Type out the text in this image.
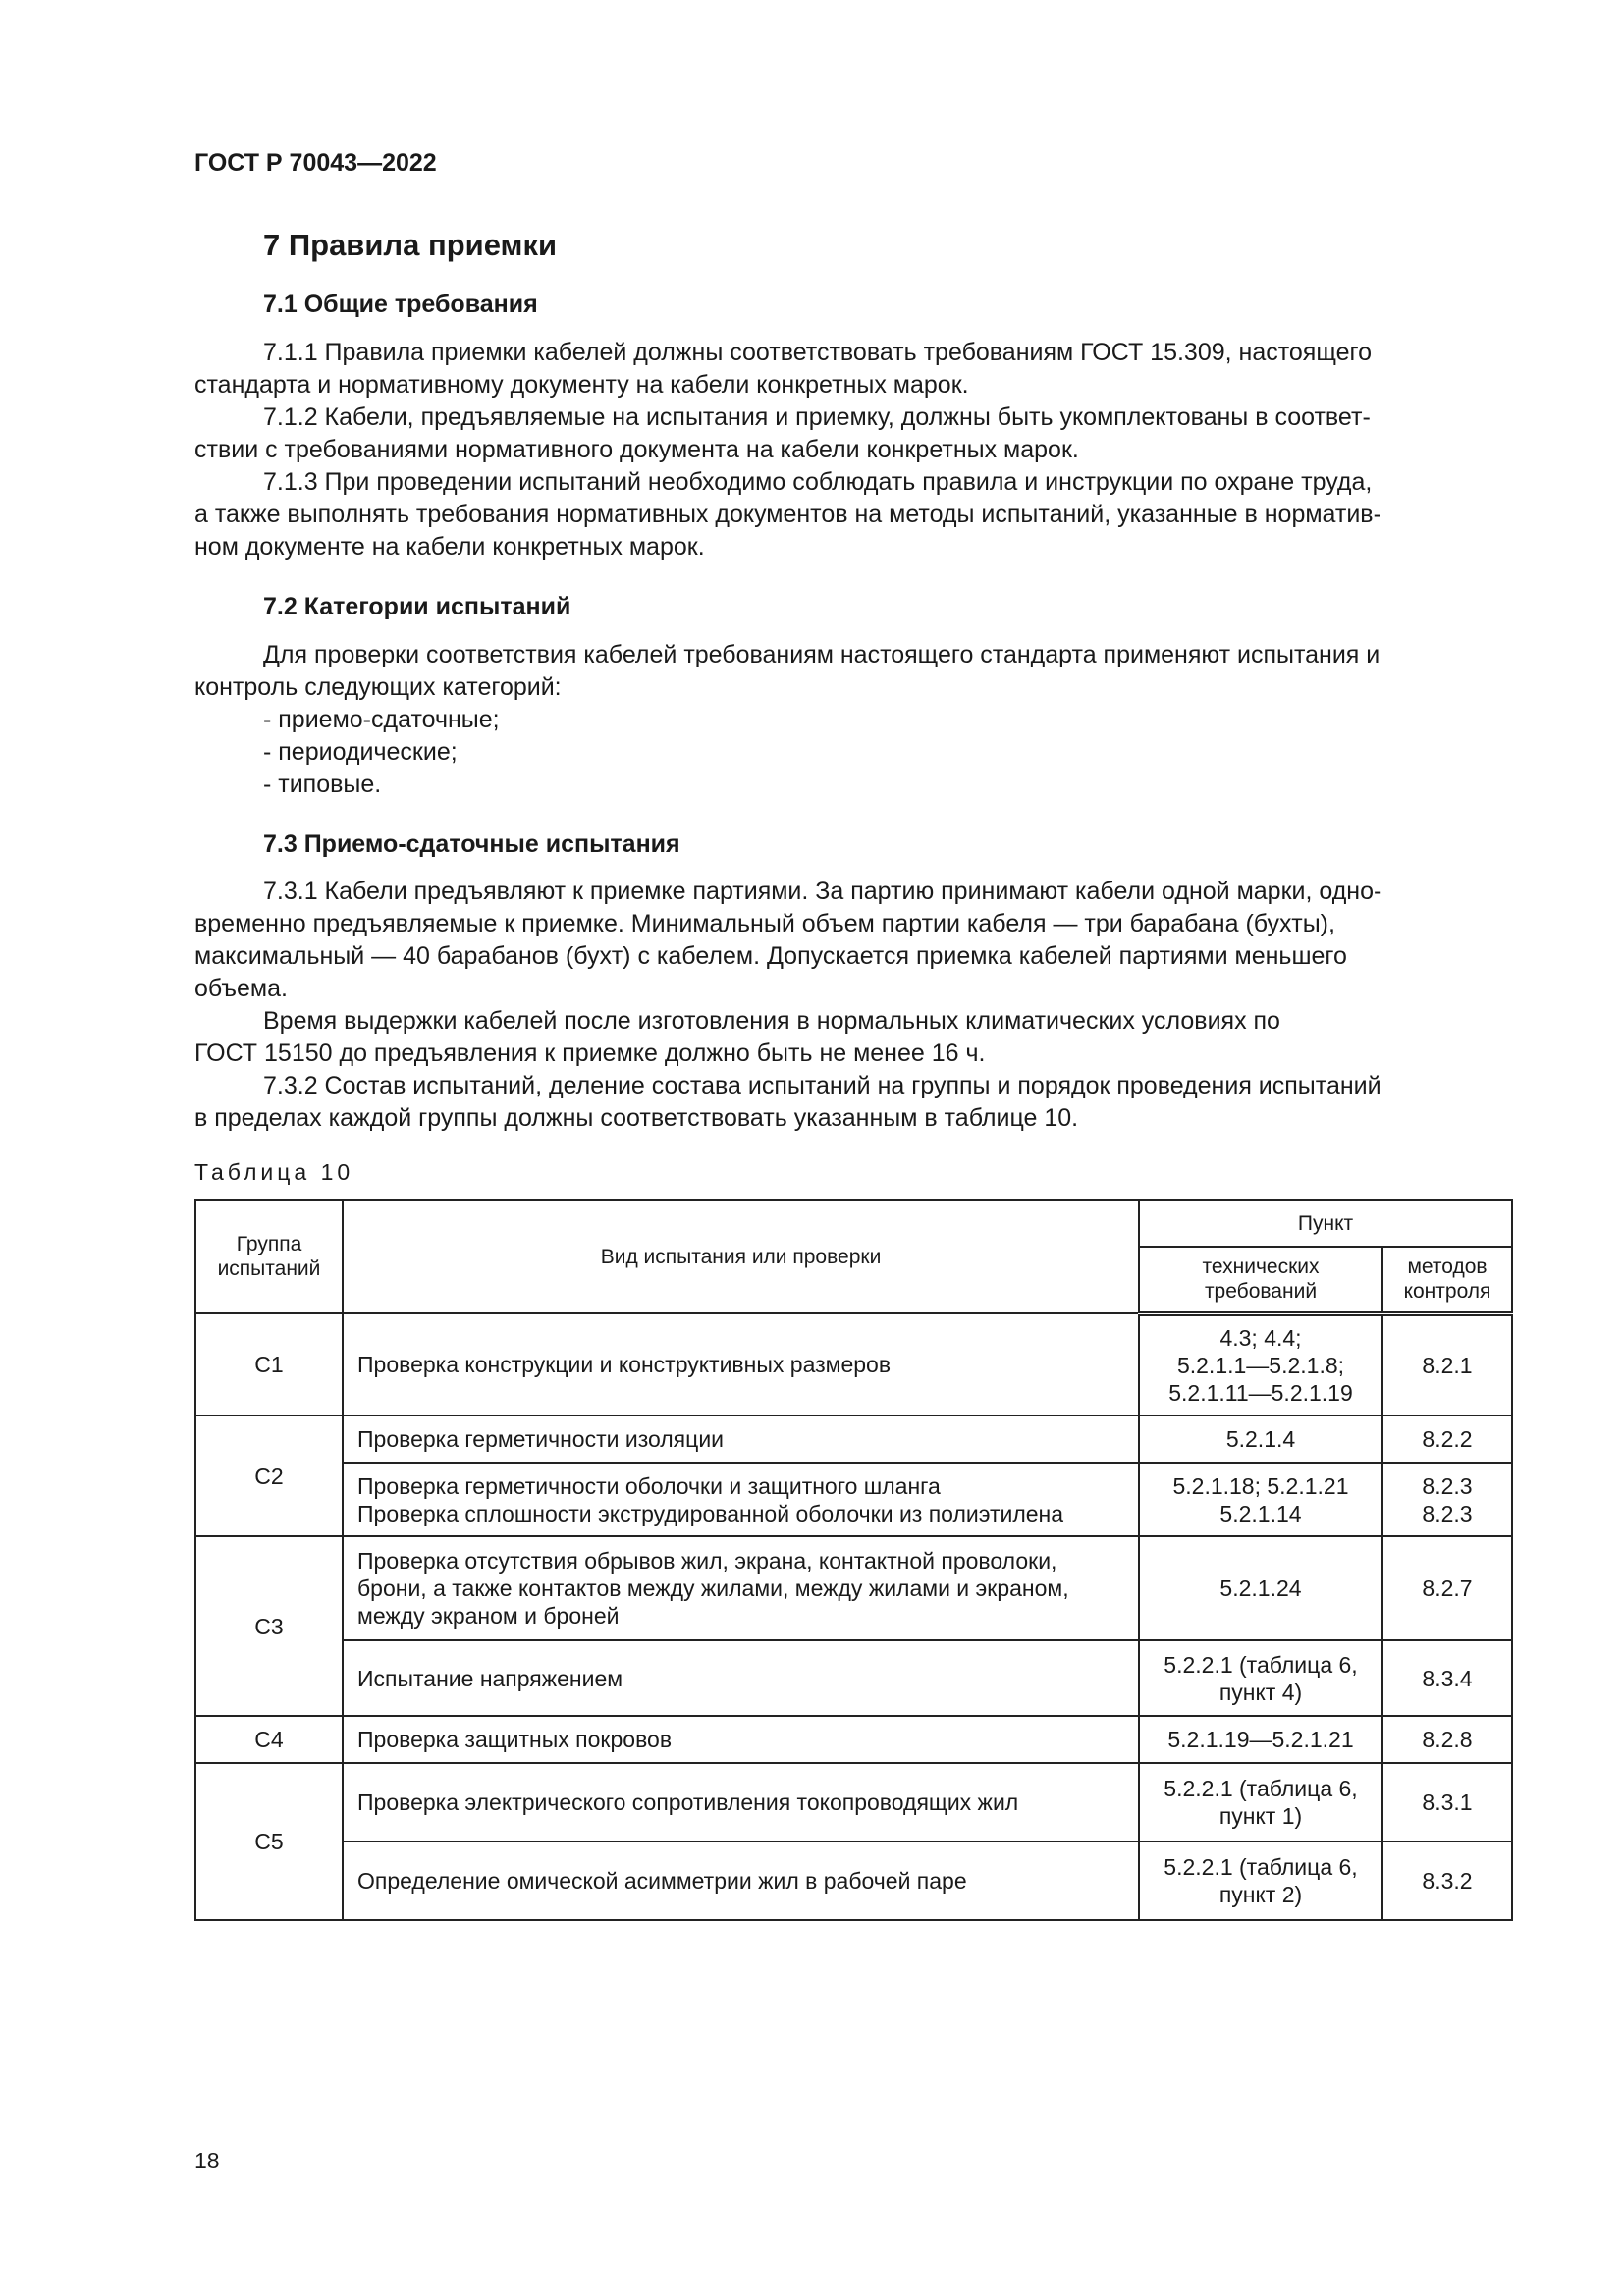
ГОСТ Р 70043—2022
7 Правила приемки
7.1 Общие требования
7.1.1 Правила приемки кабелей должны соответствовать требованиям ГОСТ 15.309, настоящего
стандарта и нормативному документу на кабели конкретных марок.
7.1.2 Кабели, предъявляемые на испытания и приемку, должны быть укомплектованы в соответ-
ствии с требованиями нормативного документа на кабели конкретных марок.
7.1.3 При проведении испытаний необходимо соблюдать правила и инструкции по охране труда,
а также выполнять требования нормативных документов на методы испытаний, указанные в норматив-
ном документе на кабели конкретных марок.
7.2 Категории испытаний
Для проверки соответствия кабелей требованиям настоящего стандарта применяют испытания и
контроль следующих категорий:
- приемо-сдаточные;
- периодические;
- типовые.
7.3 Приемо-сдаточные испытания
7.3.1 Кабели предъявляют к приемке партиями. За партию принимают кабели одной марки, одно-
временно предъявляемые к приемке. Минимальный объем партии кабеля — три барабана (бухты),
максимальный — 40 барабанов (бухт) с кабелем. Допускается приемка кабелей партиями меньшего
объема.
Время выдержки кабелей после изготовления в нормальных климатических условиях по
ГОСТ 15150 до предъявления к приемке должно быть не менее 16 ч.
7.3.2 Состав испытаний, деление состава испытаний на группы и порядок проведения испытаний
в пределах каждой группы должны соответствовать указанным в таблице 10.
Таблица 10
Группа
испытаний	Вид испытания или проверки	Пункт	

		технических
требований	методов
контроля

С1	Проверка конструкции и конструктивных размеров	4.3; 4.4;
5.2.1.1—5.2.1.8;
5.2.1.11—5.2.1.19	8.2.1
С2	Проверка герметичности изоляции	5.2.1.4	8.2.2

	Проверка герметичности оболочки и защитного шланга
Проверка сплошности экструдированной оболочки из полиэтилена	5.2.1.18; 5.2.1.21
5.2.1.14	8.2.3
8.2.3

С3	Проверка отсутствия обрывов жил, экрана, контактной проволоки,
брони, а также контактов между жилами, между жилами и экраном,
между экраном и броней	5.2.1.24	8.2.7
	Испытание напряжением	5.2.2.1 (таблица 6,
пункт 4)	8.3.4
С4	Проверка защитных покровов	5.2.1.19—5.2.1.21	8.2.8
С5	Проверка электрического сопротивления токопроводящих жил	5.2.2.1 (таблица 6,
пункт 1)	8.3.1
	Определение омической асимметрии жил в рабочей паре	5.2.2.1 (таблица 6,
пункт 2)	8.3.2
18
